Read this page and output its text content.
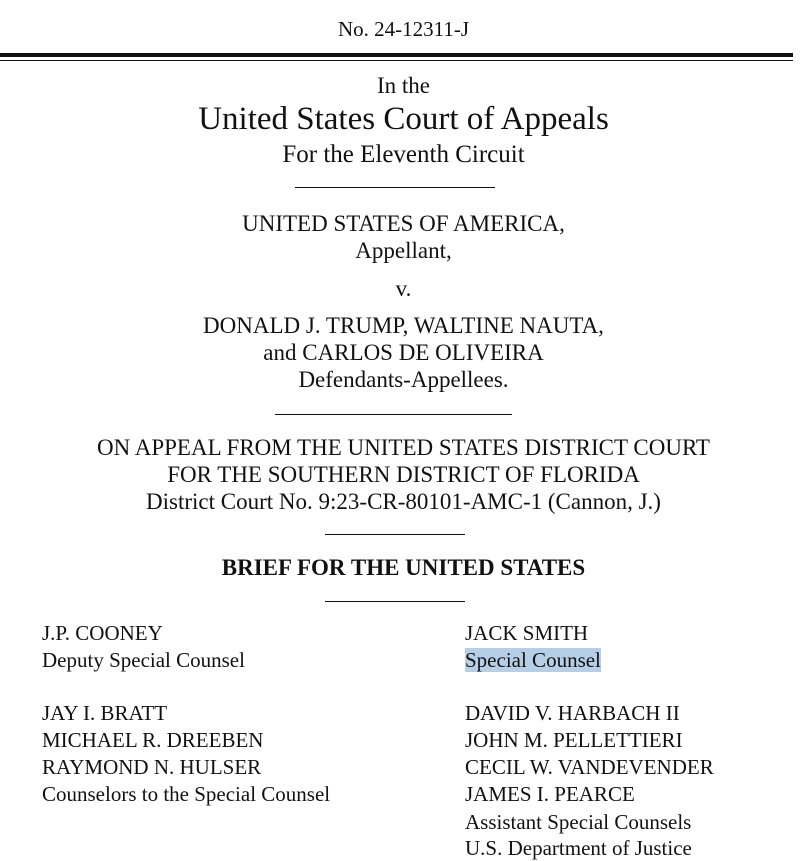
No. 24-12311-J
In the
United States Court of Appeals
For the Eleventh Circuit
UNITED STATES OF AMERICA,
Appellant,
v.
DONALD J. TRUMP, WALTINE NAUTA,
and CARLOS DE OLIVEIRA
Defendants-Appellees.
ON APPEAL FROM THE UNITED STATES DISTRICT COURT
FOR THE SOUTHERN DISTRICT OF FLORIDA
District Court No. 9:23-CR-80101-AMC-1 (Cannon, J.)
BRIEF FOR THE UNITED STATES
J.P. COONEY
Deputy Special Counsel
JACK SMITH
Special Counsel
JAY I. BRATT
MICHAEL R. DREEBEN
RAYMOND N. HULSER
Counselors to the Special Counsel
DAVID V. HARBACH II
JOHN M. PELLETTIERI
CECIL W. VANDEVENDER
JAMES I. PEARCE
Assistant Special Counsels
U.S. Department of Justice
